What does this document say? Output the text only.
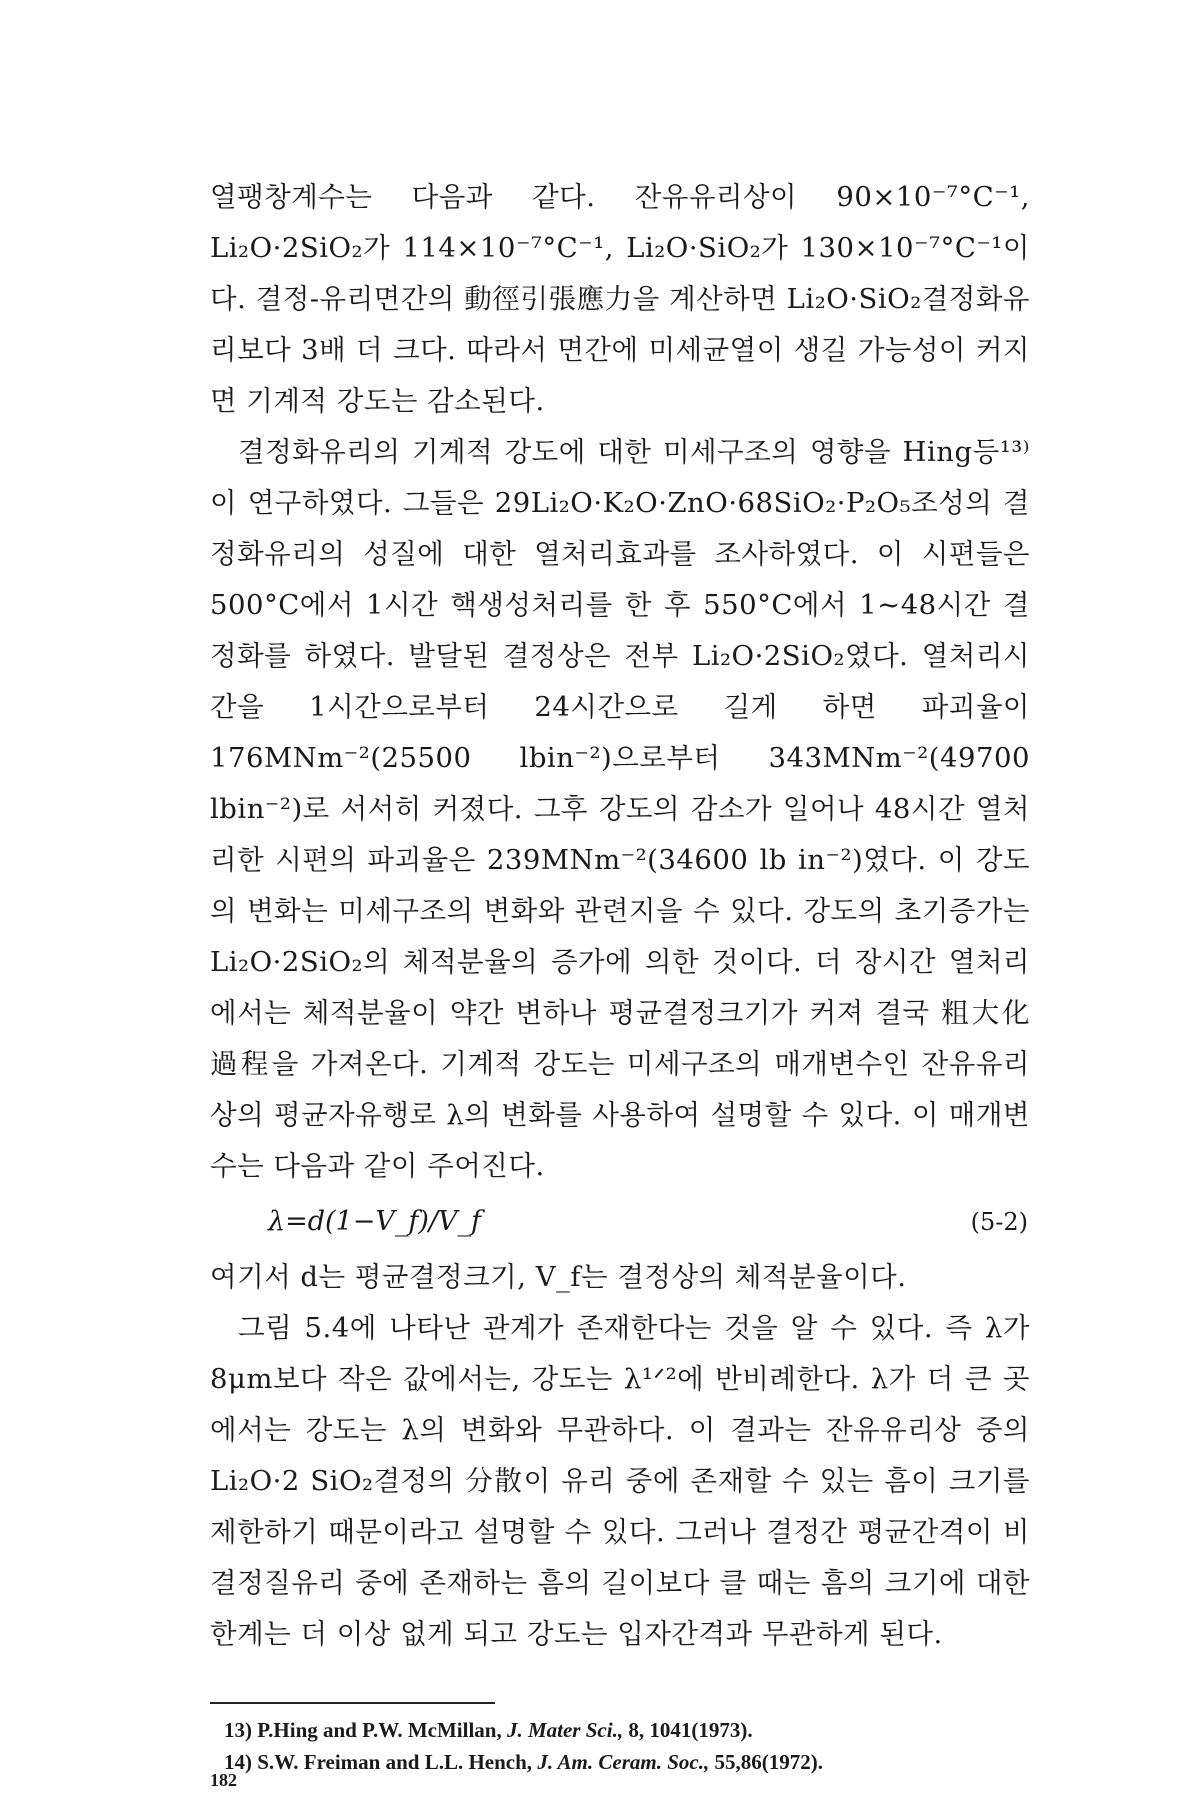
열팽창계수는 다음과 같다. 잔유유리상이 90×10⁻⁷°C⁻¹, Li₂O·2SiO₂가 114×10⁻⁷°C⁻¹, Li₂O·SiO₂가 130×10⁻⁷°C⁻¹이다. 결정-유리면간의 動徑引張應力을 계산하면 Li₂O·SiO₂결정화유리보다 3배 더 크다. 따라서 면간에 미세균열이 생길 가능성이 커지면 기계적 강도는 감소된다.

결정화유리의 기계적 강도에 대한 미세구조의 영향을 Hing등¹³⁾이 연구하였다. 그들은 29Li₂O·K₂O·ZnO·68SiO₂·P₂O₅조성의 결정화유리의 성질에 대한 열처리효과를 조사하였다. 이 시편들은 500°C에서 1시간 핵생성처리를 한 후 550°C에서 1~48시간 결정화를 하였다. 발달된 결정상은 전부 Li₂O·2SiO₂였다. 열처리시간을 1시간으로부터 24시간으로 길게 하면 파괴율이 176MNm⁻²(25500 lbin⁻²)으로부터 343MNm⁻²(49700 lbin⁻²)로 서서히 커졌다. 그후 강도의 감소가 일어나 48시간 열처리한 시편의 파괴율은 239MNm⁻²(34600 lb in⁻²)였다. 이 강도의 변화는 미세구조의 변화와 관련지을 수 있다. 강도의 초기증가는 Li₂O·2SiO₂의 체적분율의 증가에 의한 것이다. 더 장시간 열처리에서는 체적분율이 약간 변하나 평균결정크기가 커져 결국 粗大化過程을 가져온다. 기계적 강도는 미세구조의 매개변수인 잔유유리상의 평균자유행로 λ의 변화를 사용하여 설명할 수 있다. 이 매개변수는 다음과 같이 주어진다.

λ=d(1−V_f)/V_f	(5-2)

여기서 d는 평균결정크기, V_f는 결정상의 체적분율이다.

그림 5.4에 나타난 관계가 존재한다는 것을 알 수 있다. 즉 λ가 8μm보다 작은 값에서는, 강도는 λ¹ᐟ²에 반비례한다. λ가 더 큰 곳에서는 강도는 λ의 변화와 무관하다. 이 결과는 잔유유리상 중의 Li₂O·2 SiO₂결정의 分散이 유리 중에 존재할 수 있는 흠이 크기를 제한하기 때문이라고 설명할 수 있다. 그러나 결정간 평균간격이 비결정질유리 중에 존재하는 흠의 길이보다 클 때는 흠의 크기에 대한 한계는 더 이상 없게 되고 강도는 입자간격과 무관하게 된다.

13) P.Hing and P.W. McMillan, J. Mater Sci., 8, 1041(1973).

14) S.W. Freiman and L.L. Hench, J. Am. Ceram. Soc., 55,86(1972).

182
